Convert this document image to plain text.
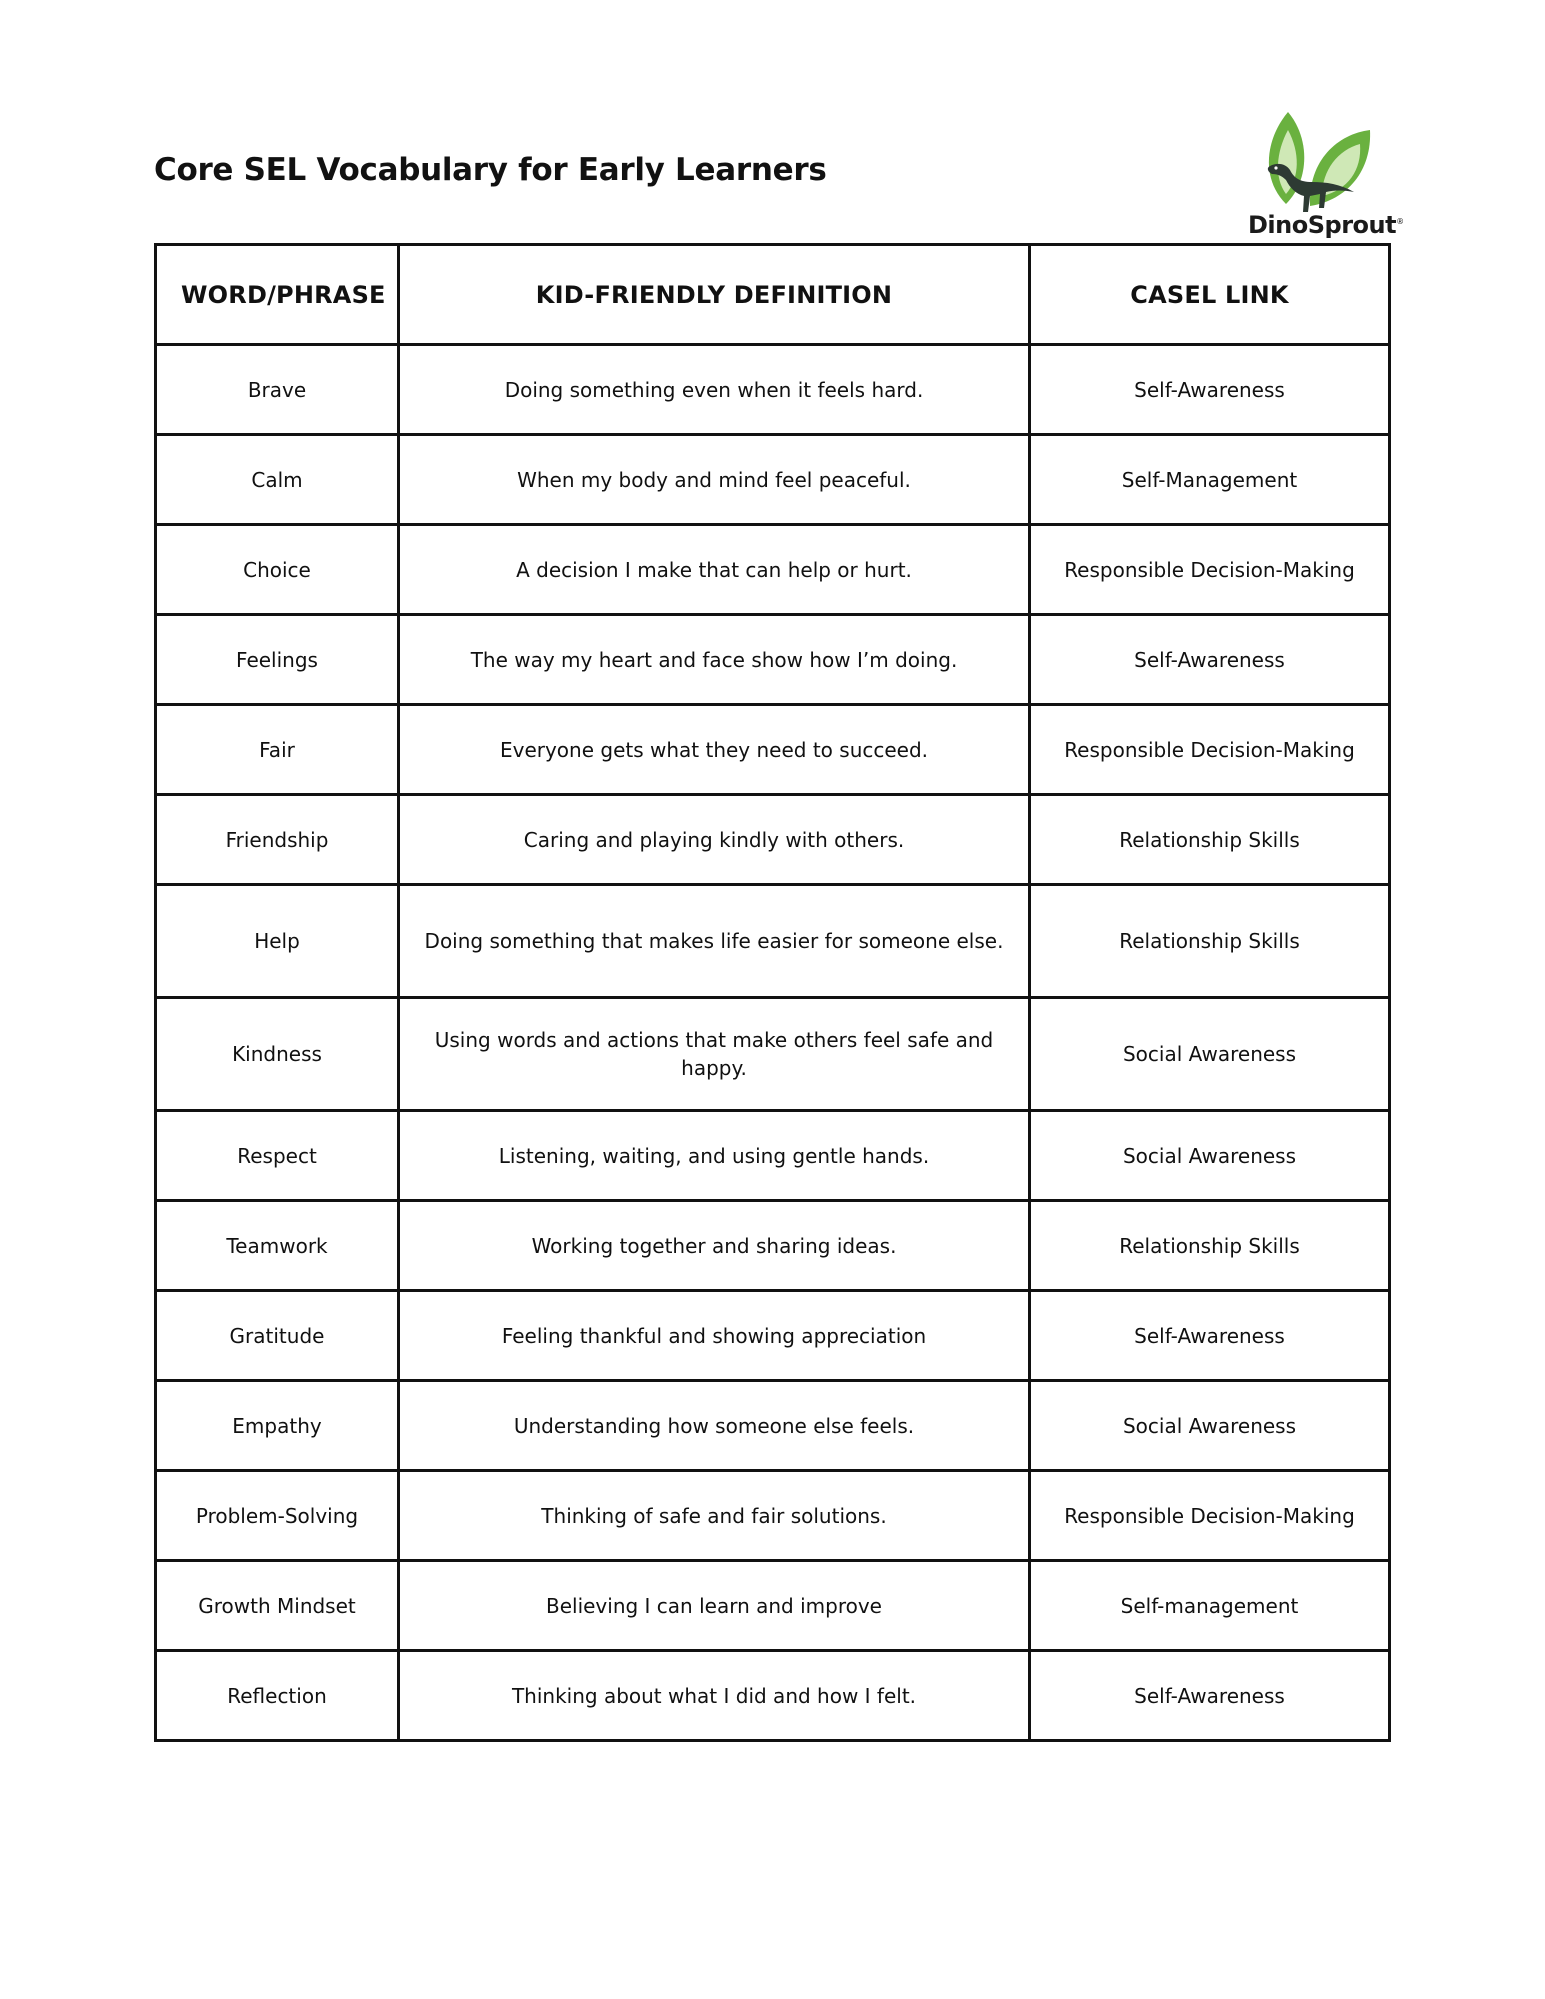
Core SEL Vocabulary for Early Learners
DinoSprout®
WORD/PHRASE	KID-FRIENDLY DEFINITION	CASEL LINK
Brave	Doing something even when it feels hard.	Self-Awareness
Calm	When my body and mind feel peaceful.	Self-Management
Choice	A decision I make that can help or hurt.	Responsible Decision-Making
Feelings	The way my heart and face show how I’m doing.	Self-Awareness
Fair	Everyone gets what they need to succeed.	Responsible Decision-Making
Friendship	Caring and playing kindly with others.	Relationship Skills
Help	Doing something that makes life easier for someone else.	Relationship Skills
Kindness	Using words and actions that make others feel safe and happy.	Social Awareness
Respect	Listening, waiting, and using gentle hands.	Social Awareness
Teamwork	Working together and sharing ideas.	Relationship Skills
Gratitude	Feeling thankful and showing appreciation	Self-Awareness
Empathy	Understanding how someone else feels.	Social Awareness
Problem-Solving	Thinking of safe and fair solutions.	Responsible Decision-Making
Growth Mindset	Believing I can learn and improve	Self-management
Reflection	Thinking about what I did and how I felt.	Self-Awareness
